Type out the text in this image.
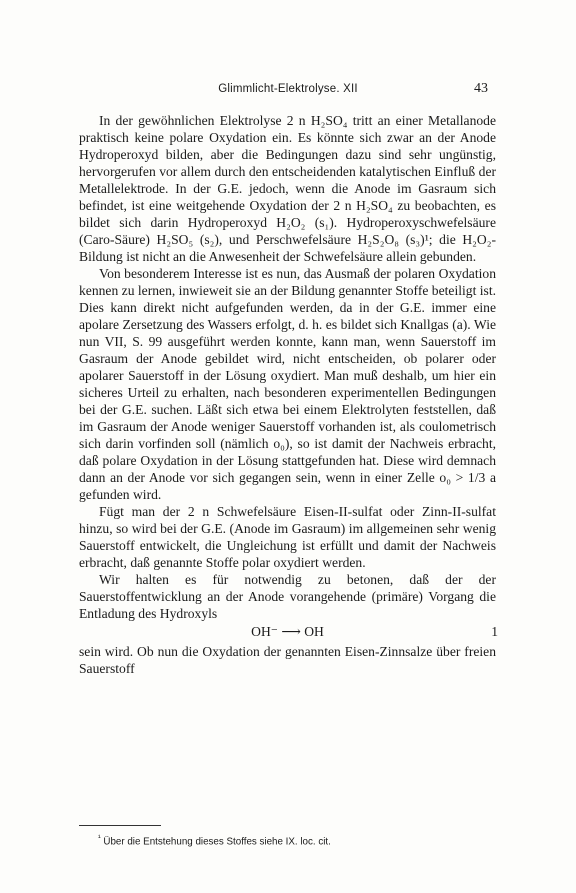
Glimmlicht-Elektrolyse. XII	43

In der gewöhnlichen Elektrolyse 2 n H₂SO₄ tritt an einer Metallanode praktisch keine polare Oxydation ein. Es könnte sich zwar an der Anode Hydroperoxyd bilden, aber die Bedingungen dazu sind sehr ungünstig, hervorgerufen vor allem durch den entscheidenden katalytischen Einfluß der Metallelektrode. In der G.E. jedoch, wenn die Anode im Gasraum sich befindet, ist eine weitgehende Oxydation der 2 n H₂SO₄ zu beobachten, es bildet sich darin Hydroperoxyd H₂O₂ (s₁). Hydroperoxyschwefelsäure (Caro-Säure) H₂SO₅ (s₂), und Perschwefelsäure H₂S₂O₈ (s₃)¹; die H₂O₂-Bildung ist nicht an die Anwesenheit der Schwefelsäure allein gebunden.

Von besonderem Interesse ist es nun, das Ausmaß der polaren Oxydation kennen zu lernen, inwieweit sie an der Bildung genannter Stoffe beteiligt ist. Dies kann direkt nicht aufgefunden werden, da in der G.E. immer eine apolare Zersetzung des Wassers erfolgt, d. h. es bildet sich Knallgas (a). Wie nun VII, S. 99 ausgeführt werden konnte, kann man, wenn Sauerstoff im Gasraum der Anode gebildet wird, nicht entscheiden, ob polarer oder apolarer Sauerstoff in der Lösung oxydiert. Man muß deshalb, um hier ein sicheres Urteil zu erhalten, nach besonderen experimentellen Bedingungen bei der G.E. suchen. Läßt sich etwa bei einem Elektrolyten feststellen, daß im Gasraum der Anode weniger Sauerstoff vorhanden ist, als coulometrisch sich darin vorfinden soll (nämlich o₀), so ist damit der Nachweis erbracht, daß polare Oxydation in der Lösung stattgefunden hat. Diese wird demnach dann an der Anode vor sich gegangen sein, wenn in einer Zelle o₀ > 1/3 a gefunden wird.

Fügt man der 2 n Schwefelsäure Eisen-II-sulfat oder Zinn-II-sulfat hinzu, so wird bei der G.E. (Anode im Gasraum) im allgemeinen sehr wenig Sauerstoff entwickelt, die Ungleichung ist erfüllt und damit der Nachweis erbracht, daß genannte Stoffe polar oxydiert werden.

Wir halten es für notwendig zu betonen, daß der der Sauerstoffentwicklung an der Anode vorangehende (primäre) Vorgang die Entladung des Hydroxyls

OH⁻ ⟶ OH	1

sein wird. Ob nun die Oxydation der genannten Eisen-Zinnsalze über freien Sauerstoff

$^{^1}$ Über die Entstehung dieses Stoffes siehe IX. loc. cit.
